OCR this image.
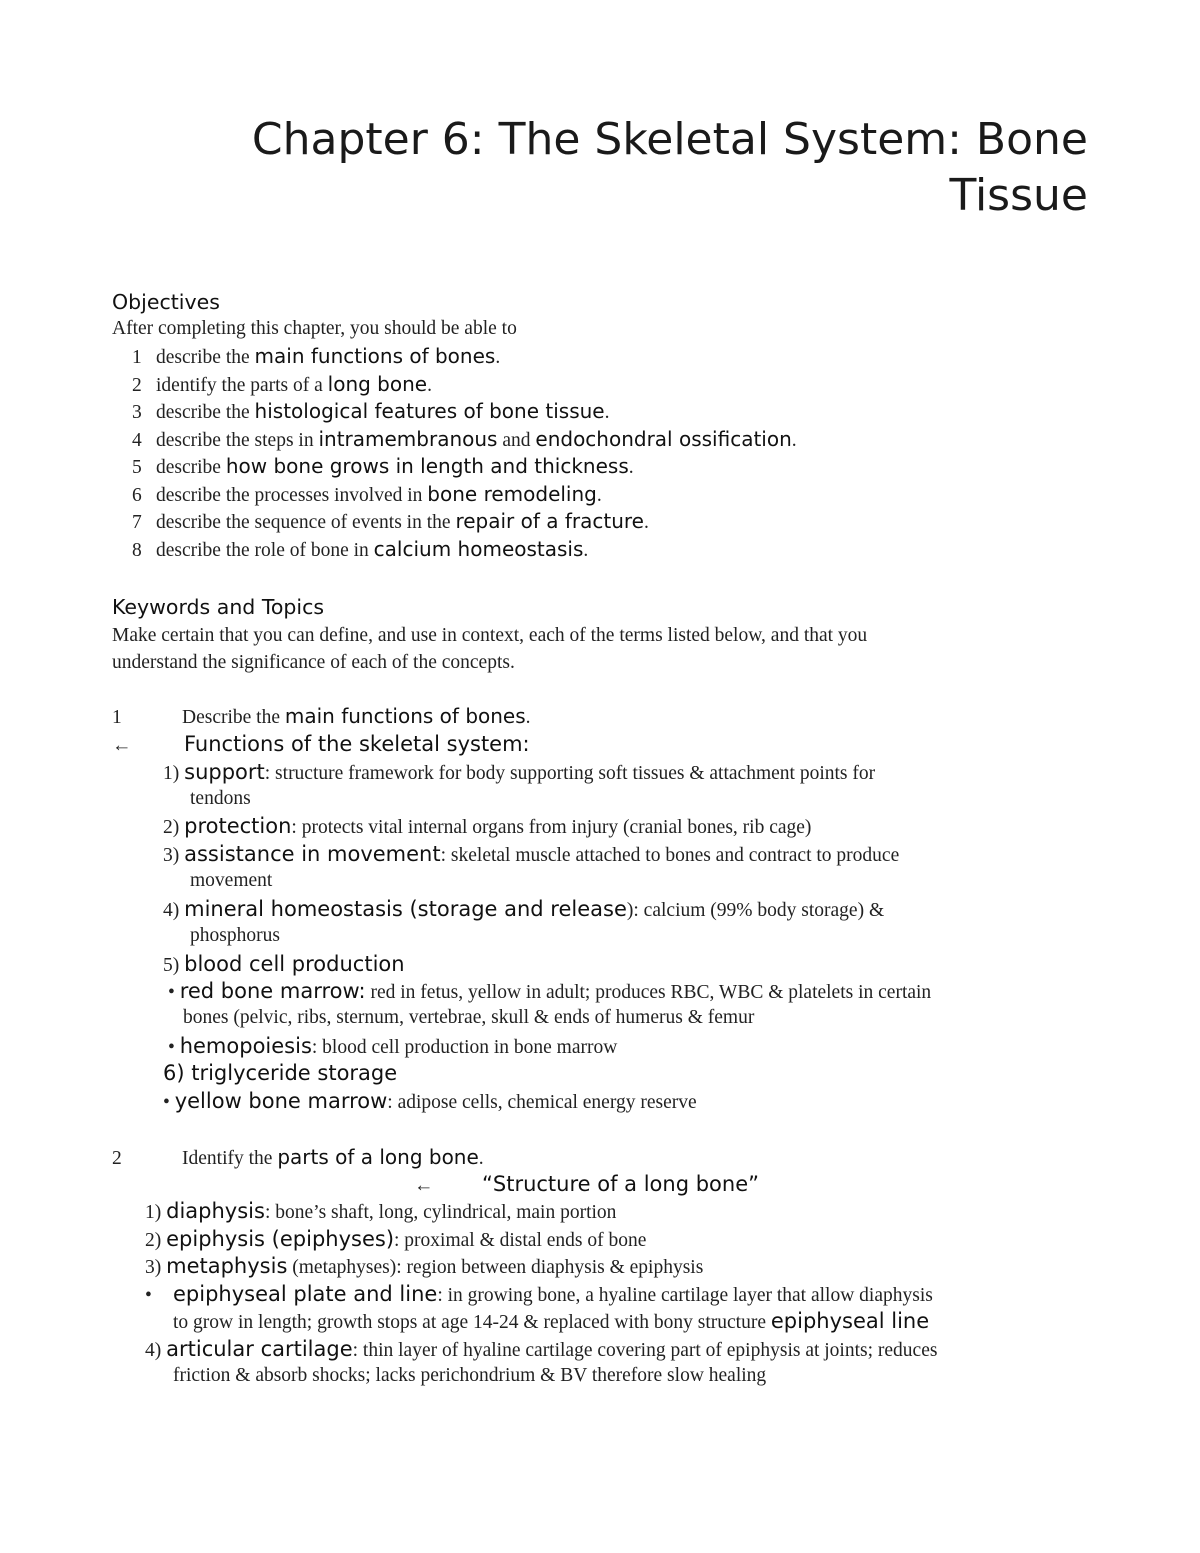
Chapter 6: The Skeletal System: Bone
Tissue
Objectives
After completing this chapter, you should be able to
1 describe the main functions of bones.
2 identify the parts of a long bone.
3 describe the histological features of bone tissue.
4 describe the steps in intramembranous and endochondral ossification.
5 describe how bone grows in length and thickness.
6 describe the processes involved in bone remodeling.
7 describe the sequence of events in the repair of a fracture.
8 describe the role of bone in calcium homeostasis.
Keywords and Topics
Make certain that you can define, and use in context, each of the terms listed below, and that you
understand the significance of each of the concepts.
1	Describe the main functions of bones.
←	Functions of the skeletal system:
1) support: structure framework for body supporting soft tissues & attachment points for
tendons
2) protection: protects vital internal organs from injury (cranial bones, rib cage)
3) assistance in movement: skeletal muscle attached to bones and contract to produce
movement
4) mineral homeostasis (storage and release): calcium (99% body storage) &
phosphorus
5) blood cell production
• red bone marrow: red in fetus, yellow in adult; produces RBC, WBC & platelets in certain
bones (pelvic, ribs, sternum, vertebrae, skull & ends of humerus & femur
• hemopoiesis: blood cell production in bone marrow
6) triglyceride storage
• yellow bone marrow: adipose cells, chemical energy reserve
2	Identify the parts of a long bone.
← “Structure of a long bone”
1) diaphysis: bone’s shaft, long, cylindrical, main portion
2) epiphysis (epiphyses): proximal & distal ends of bone
3) metaphysis (metaphyses): region between diaphysis & epiphysis
• epiphyseal plate and line: in growing bone, a hyaline cartilage layer that allow diaphysis
to grow in length; growth stops at age 14-24 & replaced with bony structure epiphyseal line
4) articular cartilage: thin layer of hyaline cartilage covering part of epiphysis at joints; reduces
friction & absorb shocks; lacks perichondrium & BV therefore slow healing
